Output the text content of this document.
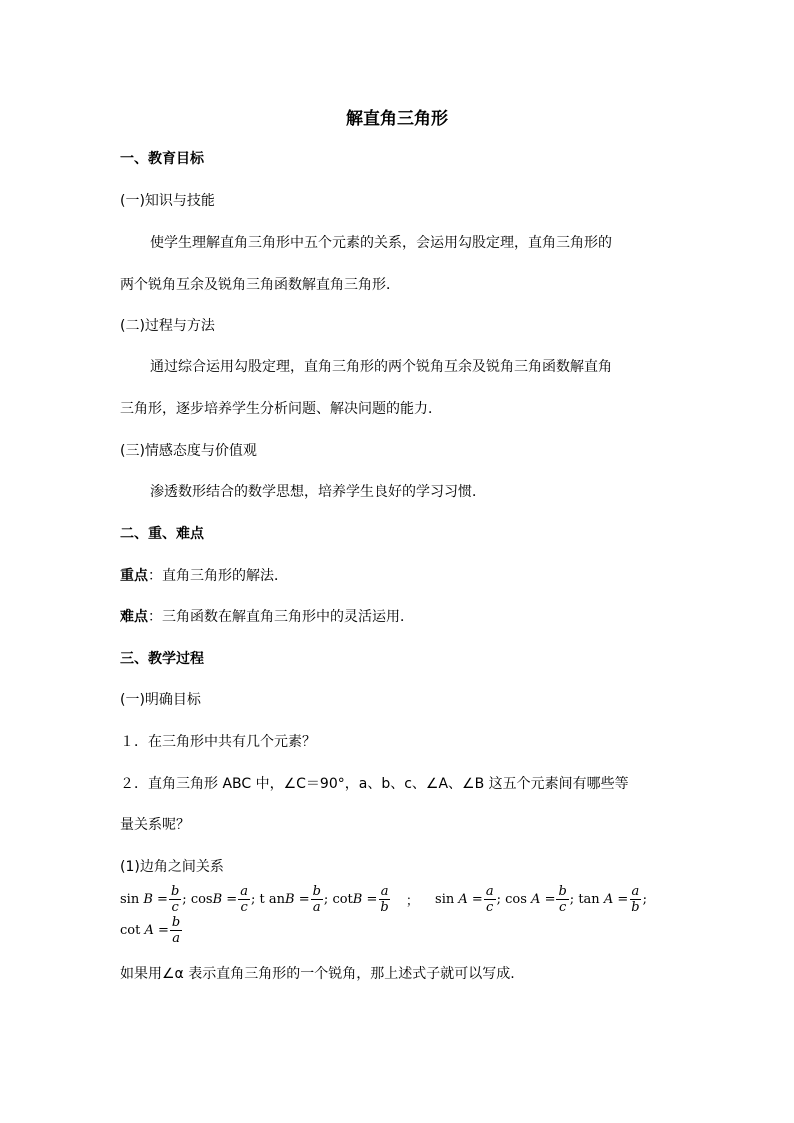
解直角三角形
一、教育目标
(一)知识与技能
使学生理解直角三角形中五个元素的关系，会运用勾股定理，直角三角形的
两个锐角互余及锐角三角函数解直角三角形．
(二)过程与方法
通过综合运用勾股定理，直角三角形的两个锐角互余及锐角三角函数解直角
三角形，逐步培养学生分析问题、解决问题的能力．
(三)情感态度与价值观
渗透数形结合的数学思想，培养学生良好的学习习惯．
二、重、难点
重点：直角三角形的解法．
难点：三角函数在解直角三角形中的灵活运用．
三、教学过程
(一)明确目标
１．在三角形中共有几个元素？
２．直角三角形 ABC 中，∠C＝90°，a、b、c、∠A、∠B 这五个元素间有哪些等
量关系呢？
(1)边角之间关系
sin
B
= $\frac{b}{c}$ ;
cos B
= $\frac{a}{c}$ ;
t an B
= $\frac{b}{a}$ ;
cot B
= $\frac{a}{b}$ ； sin
A
= $\frac{a}{c}$ ;
cos
A
= $\frac{b}{c}$ ;
tan
A
= $\frac{a}{b}$ ;

cot
A
= $\frac{b}{a}$
如果用∠α 表示直角三角形的一个锐角，那上述式子就可以写成.
